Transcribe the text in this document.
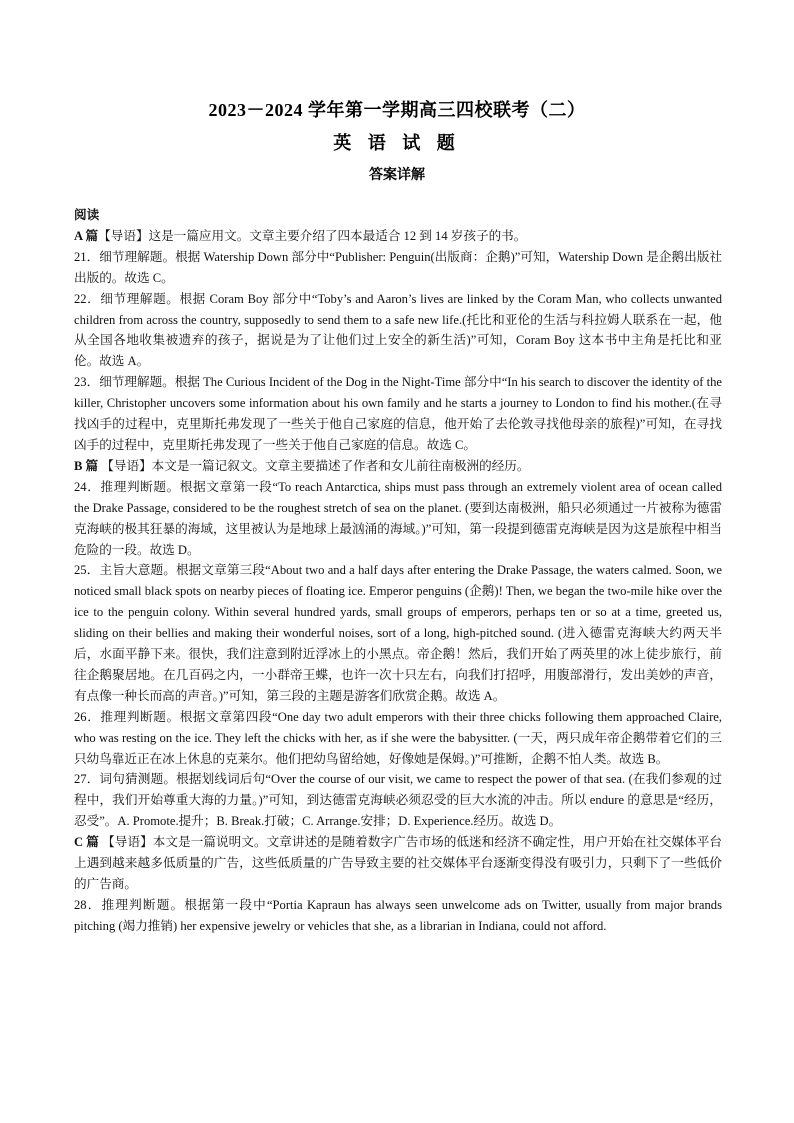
2023－2024 学年第一学期高三四校联考（二）
英 语 试 题
答案详解

阅读

A 篇【导语】这是一篇应用文。文章主要介绍了四本最适合 12 到 14 岁孩子的书。

21．细节理解题。根据 Watership Down 部分中“Publisher: Penguin(出版商：企鹅)”可知，Watership Down 是企鹅出版社出版的。故选 C。

22．细节理解题。根据 Coram Boy 部分中“Toby’s and Aaron’s lives are linked by the Coram Man, who collects unwanted children from across the country, supposedly to send them to a safe new life.(托比和亚伦的生活与科拉姆人联系在一起，他从全国各地收集被遗弃的孩子，据说是为了让他们过上安全的新生活)”可知，Coram Boy 这本书中主角是托比和亚伦。故选 A。

23．细节理解题。根据 The Curious Incident of the Dog in the Night-Time 部分中“In his search to discover the identity of the killer, Christopher uncovers some information about his own family and he starts a journey to London to find his mother.(在寻找凶手的过程中，克里斯托弗发现了一些关于他自己家庭的信息，他开始了去伦敦寻找他母亲的旅程)”可知，在寻找凶手的过程中，克里斯托弗发现了一些关于他自己家庭的信息。故选 C。

B 篇 【导语】本文是一篇记叙文。文章主要描述了作者和女儿前往南极洲的经历。

24．推理判断题。根据文章第一段“To reach Antarctica, ships must pass through an extremely violent area of ocean called the Drake Passage, considered to be the roughest stretch of sea on the planet. (要到达南极洲，船只必须通过一片被称为德雷克海峡的极其狂暴的海域，这里被认为是地球上最汹涌的海域。)”可知，第一段提到德雷克海峡是因为这是旅程中相当危险的一段。故选 D。

25．主旨大意题。根据文章第三段“About two and a half days after entering the Drake Passage, the waters calmed. Soon, we noticed small black spots on nearby pieces of floating ice. Emperor penguins (企鹅)! Then, we began the two-mile hike over the ice to the penguin colony. Within several hundred yards, small groups of emperors, perhaps ten or so at a time, greeted us, sliding on their bellies and making their wonderful noises, sort of a long, high-pitched sound. (进入德雷克海峡大约两天半后，水面平静下来。很快，我们注意到附近浮冰上的小黑点。帝企鹅！然后，我们开始了两英里的冰上徒步旅行，前往企鹅聚居地。在几百码之内，一小群帝王蝶，也许一次十只左右，向我们打招呼，用腹部滑行，发出美妙的声音，有点像一种长而高的声音。)”可知，第三段的主题是游客们欣赏企鹅。故选 A。

26．推理判断题。根据文章第四段“One day two adult emperors with their three chicks following them approached Claire, who was resting on the ice. They left the chicks with her, as if she were the babysitter. (一天，两只成年帝企鹅带着它们的三只幼鸟靠近正在冰上休息的克莱尔。他们把幼鸟留给她，好像她是保姆。)”可推断，企鹅不怕人类。故选 B。

27．词句猜测题。根据划线词后句“Over the course of our visit, we came to respect the power of that sea. (在我们参观的过程中，我们开始尊重大海的力量。)”可知，到达德雷克海峡必须忍受的巨大水流的冲击。所以 endure 的意思是“经历，忍受”。A. Promote.提升；B. Break.打破；C. Arrange.安排；D. Experience.经历。故选 D。

C 篇 【导语】本文是一篇说明文。文章讲述的是随着数字广告市场的低迷和经济不确定性，用户开始在社交媒体平台上遇到越来越多低质量的广告，这些低质量的广告导致主要的社交媒体平台逐渐变得没有吸引力，只剩下了一些低价的广告商。

28．推理判断题。根据第一段中“Portia Kapraun has always seen unwelcome ads on Twitter, usually from major brands pitching (竭力推销) her expensive jewelry or vehicles that she, as a librarian in Indiana, could not afford.
